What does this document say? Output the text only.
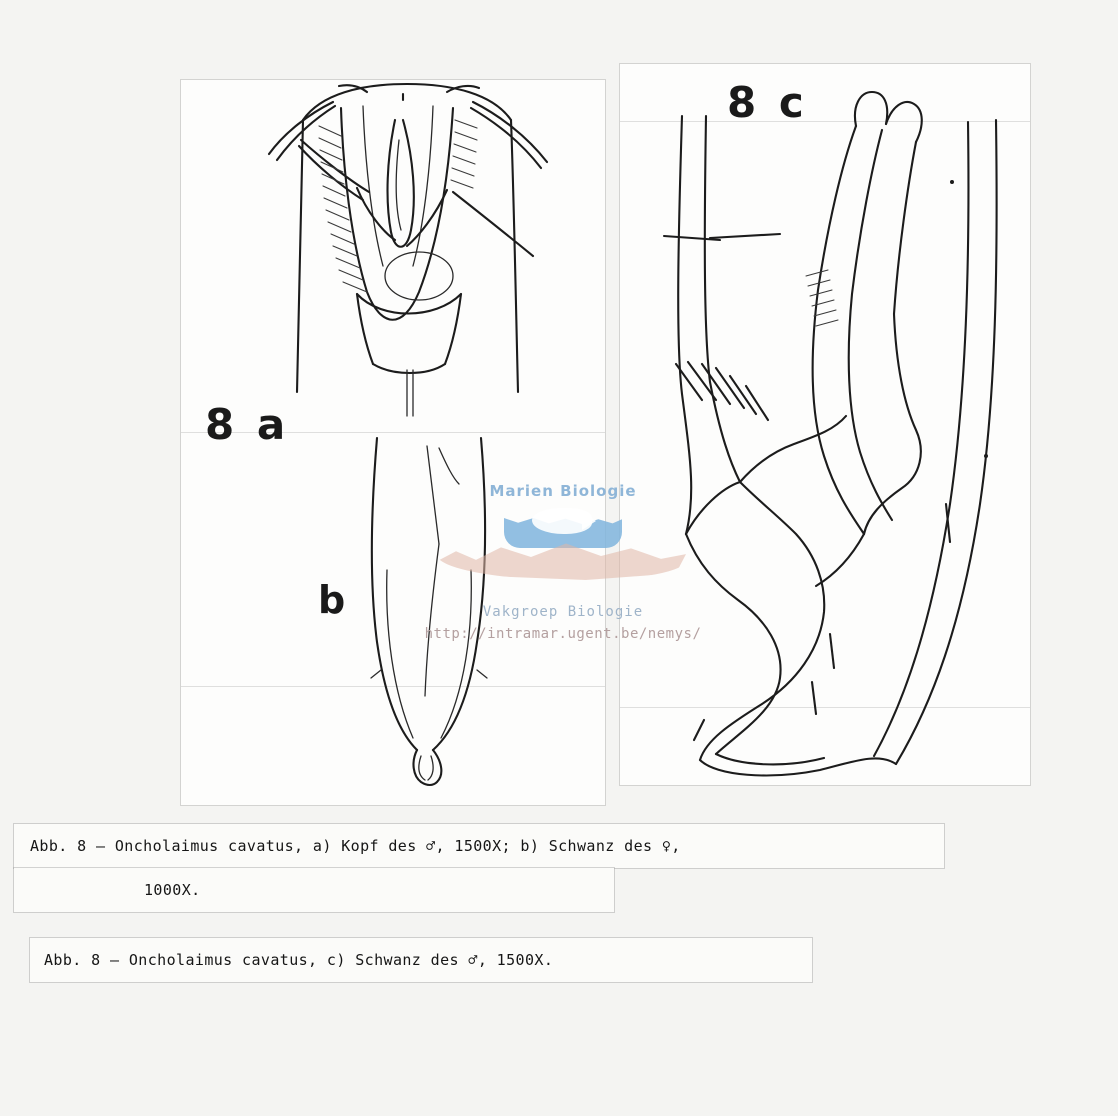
8 a
b
8 c
Marien Biologie
Vakgroep Biologie
http://intramar.ugent.be/nemys/
Abb. 8 – Oncholaimus cavatus, a) Kopf des ♂, 1500X; b) Schwanz des ♀,
1000X.
Abb. 8 – Oncholaimus cavatus, c) Schwanz des ♂, 1500X.
